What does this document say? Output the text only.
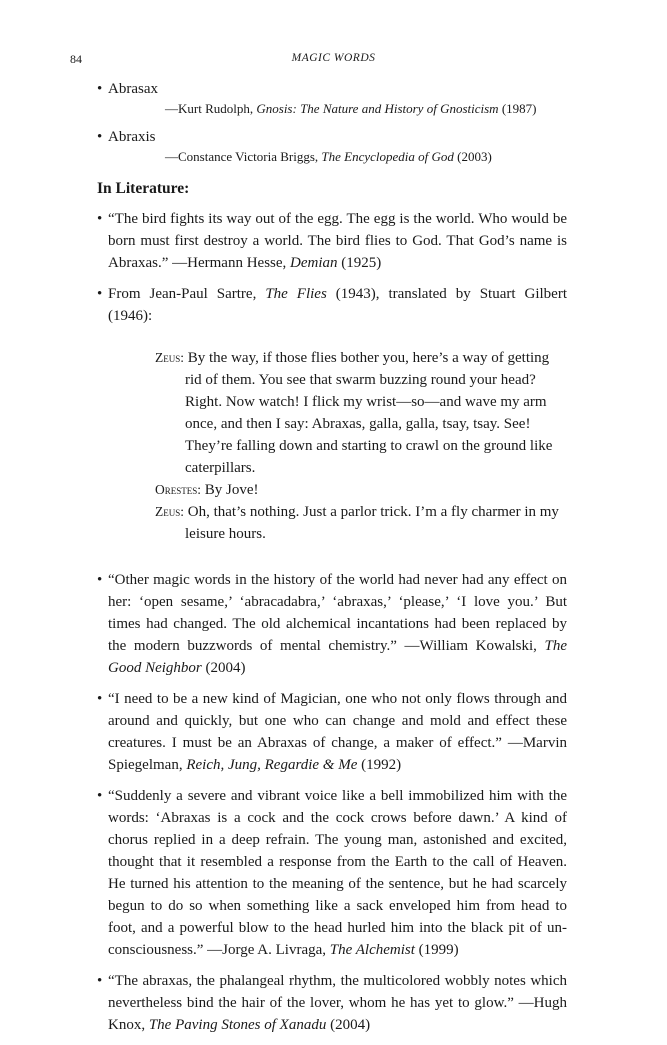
84	MAGIC WORDS
• Abrasax
—Kurt Rudolph, Gnosis: The Nature and History of Gnosticism (1987)
• Abraxis
—Constance Victoria Briggs, The Encyclopedia of God (2003)
In Literature:
• “The bird fights its way out of the egg. The egg is the world. Who would be born must first destroy a world. The bird flies to God. That God’s name is Abraxas.” —Hermann Hesse, Demian (1925)
• From Jean-Paul Sartre, The Flies (1943), translated by Stuart Gilbert (1946):
Zeus: By the way, if those flies bother you, here’s a way of getting rid of them. You see that swarm buzzing round your head? Right. Now watch! I flick my wrist—so—and wave my arm once, and then I say: Abraxas, galla, galla, tsay, tsay. See! They’re falling down and starting to crawl on the ground like caterpillars.
Orestes: By Jove!
Zeus: Oh, that’s nothing. Just a parlor trick. I’m a fly charmer in my leisure hours.
• “Other magic words in the history of the world had never had any effect on her: ‘open sesame,’ ‘abracadabra,’ ‘abraxas,’ ‘please,’ ‘I love you.’ But times had changed. The old alchemical incantations had been replaced by the modern buzzwords of mental chemistry.” —William Kowalski, The Good Neighbor (2004)
• “I need to be a new kind of Magician, one who not only flows through and around and quickly, but one who can change and mold and effect these creatures. I must be an Abraxas of change, a maker of effect.” —Marvin Spiegelman, Reich, Jung, Regardie & Me (1992)
• “Suddenly a severe and vibrant voice like a bell immobilized him with the words: ‘Abraxas is a cock and the cock crows before dawn.’ A kind of chorus replied in a deep refrain. The young man, astonished and excited, thought that it resembled a response from the Earth to the call of Heaven. He turned his attention to the meaning of the sentence, but he had scarcely begun to do so when something like a sack enveloped him from head to foot, and a powerful blow to the head hurled him into the black pit of un-consciousness.” —Jorge A. Livraga, The Alchemist (1999)
• “The abraxas, the phalangeal rhythm, the multicolored wobbly notes which nevertheless bind the hair of the lover, whom he has yet to glow.” —Hugh Knox, The Paving Stones of Xanadu (2004)
